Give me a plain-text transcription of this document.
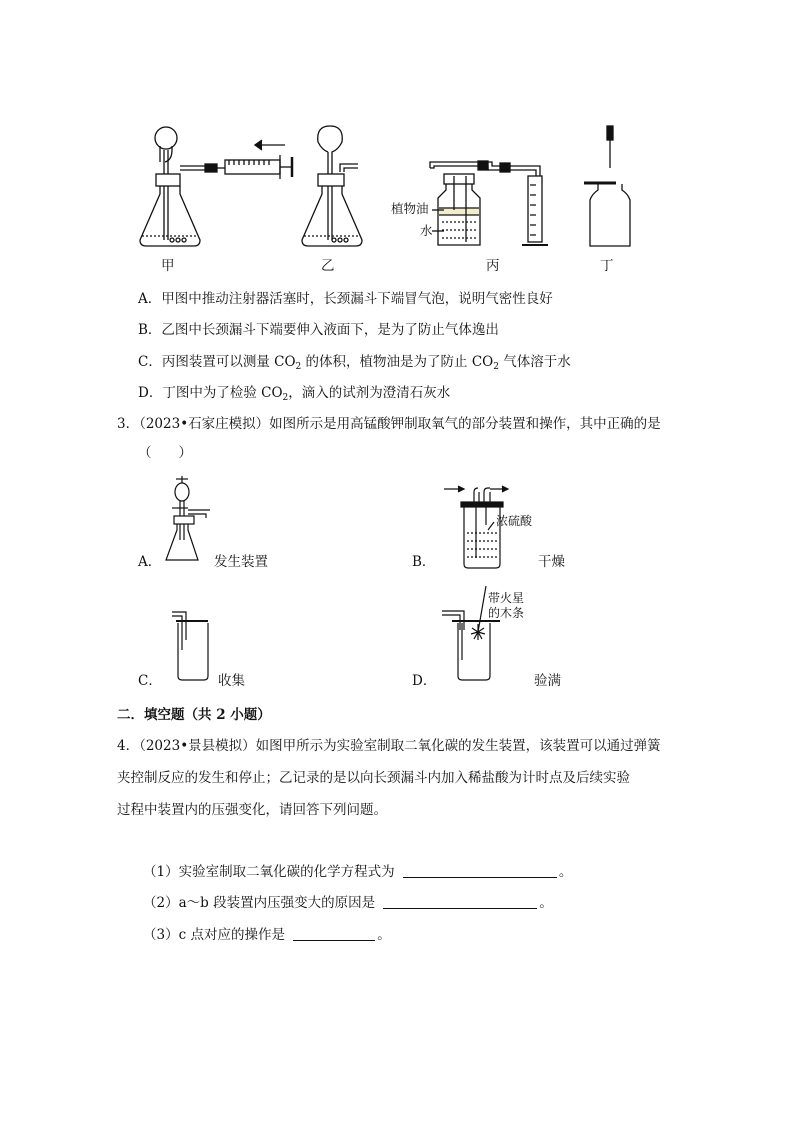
甲	乙	丙	丁
植物油
水
A．甲图中推动注射器活塞时，长颈漏斗下端冒气泡，说明气密性良好
B．乙图中长颈漏斗下端要伸入液面下，是为了防止气体逸出
C．丙图装置可以测量 $CO_2$ 的体积，植物油是为了防止 $CO_2$ 气体溶于水
D．丁图中为了检验 $CO_2$，滴入的试剂为澄清石灰水
3．（2023•石家庄模拟）如图所示是用高锰酸钾制取氧气的部分装置和操作，其中正确的是
（　　）
A．	发生装置	B．	干燥
浓硫酸
C．	收集	D．	验满
带火星
的木条
二．填空题（共 2 小题）
4．（2023•景县模拟）如图甲所示为实验室制取二氧化碳的发生装置，该装置可以通过弹簧
夹控制反应的发生和停止；乙记录的是以向长颈漏斗内加入稀盐酸为计时点及后续实验
过程中装置内的压强变化，请回答下列问题。
（1）实验室制取二氧化碳的化学方程式为	。
（2）a～b 段装置内压强变大的原因是	。
（3）c 点对应的操作是	。
